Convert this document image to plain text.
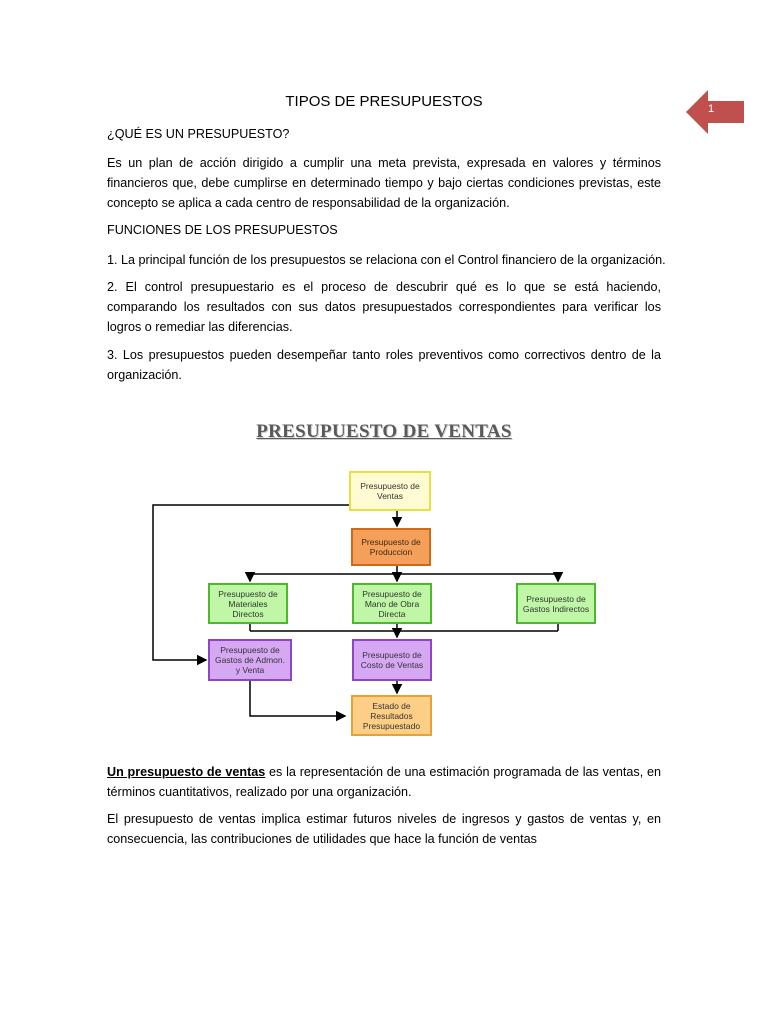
TIPOS DE PRESUPUESTOS	1

¿QUÉ ES UN PRESUPUESTO?

Es un plan de acción dirigido a cumplir una meta prevista, expresada en valores y términos financieros que, debe cumplirse en determinado tiempo y bajo ciertas condiciones previstas, este concepto se aplica a cada centro de responsabilidad de la organización.

FUNCIONES DE LOS PRESUPUESTOS

1. La principal función de los presupuestos se relaciona con el Control financiero de la organización.

2. El control presupuestario es el proceso de descubrir qué es lo que se está haciendo, comparando los resultados con sus datos presupuestados correspondientes para verificar los logros o remediar las diferencias.

3. Los presupuestos pueden desempeñar tanto roles preventivos como correctivos dentro de la organización.

PRESUPUESTO DE VENTAS
Presupuesto de Ventas
Presupuesto de Produccion
Presupuesto de Materiales Directos
Presupuesto de Mano de Obra Directa
Presupuesto de Gastos Indirectos
Presupuesto de Gastos de Admon. y Venta
Presupuesto de Costo de Ventas
Estado de Resultados Presupuestado

Un presupuesto de ventas es la representación de una estimación programada de las ventas, en términos cuantitativos, realizado por una organización.

El presupuesto de ventas implica estimar futuros niveles de ingresos y gastos de ventas y, en consecuencia, las contribuciones de utilidades que hace la función de ventas
